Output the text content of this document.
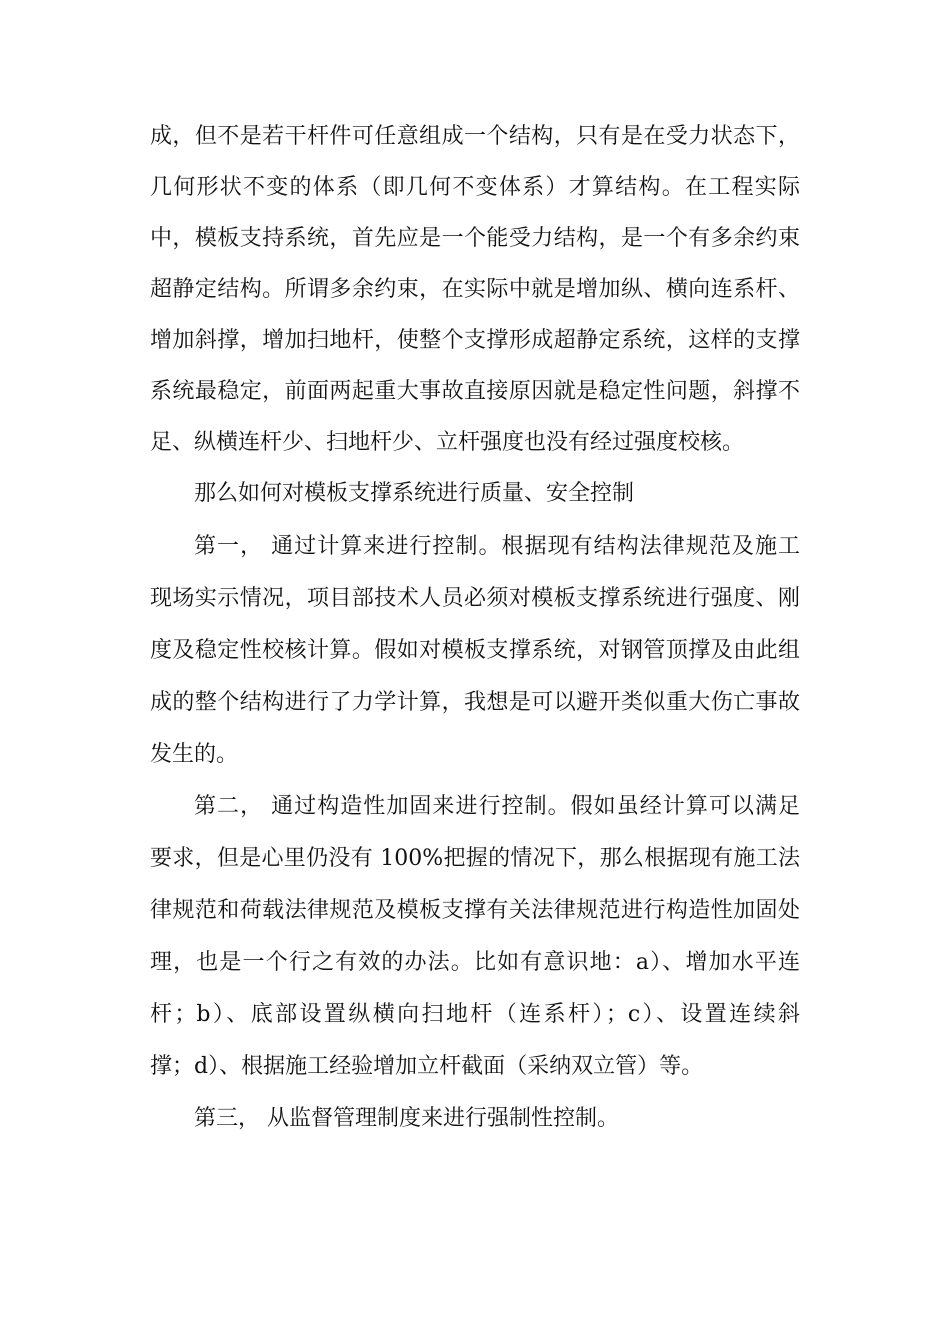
成，但不是若干杆件可任意组成一个结构，只有是在受力状态下，
几何形状不变的体系（即几何不变体系）才算结构。在工程实际
中，模板支持系统，首先应是一个能受力结构，是一个有多余约束
超静定结构。所谓多余约束，在实际中就是增加纵、横向连系杆、
增加斜撑，增加扫地杆，使整个支撑形成超静定系统，这样的支撑
系统最稳定，前面两起重大事故直接原因就是稳定性问题，斜撑不
足、纵横连杆少、扫地杆少、立杆强度也没有经过强度校核。
那么如何对模板支撑系统进行质量、安全控制
第一， 通过计算来进行控制。根据现有结构法律规范及施工
现场实示情况，项目部技术人员必须对模板支撑系统进行强度、刚
度及稳定性校核计算。假如对模板支撑系统，对钢管顶撑及由此组
成的整个结构进行了力学计算，我想是可以避开类似重大伤亡事故
发生的。
第二， 通过构造性加固来进行控制。假如虽经计算可以满足
要求，但是心里仍没有 100%把握的情况下，那么根据现有施工法
律规范和荷载法律规范及模板支撑有关法律规范进行构造性加固处
理，也是一个行之有效的办法。比如有意识地：a）、增加水平连
杆；b）、底部设置纵横向扫地杆（连系杆）；c）、设置连续斜
撑；d）、根据施工经验增加立杆截面（采纳双立管）等。
第三， 从监督管理制度来进行强制性控制。
